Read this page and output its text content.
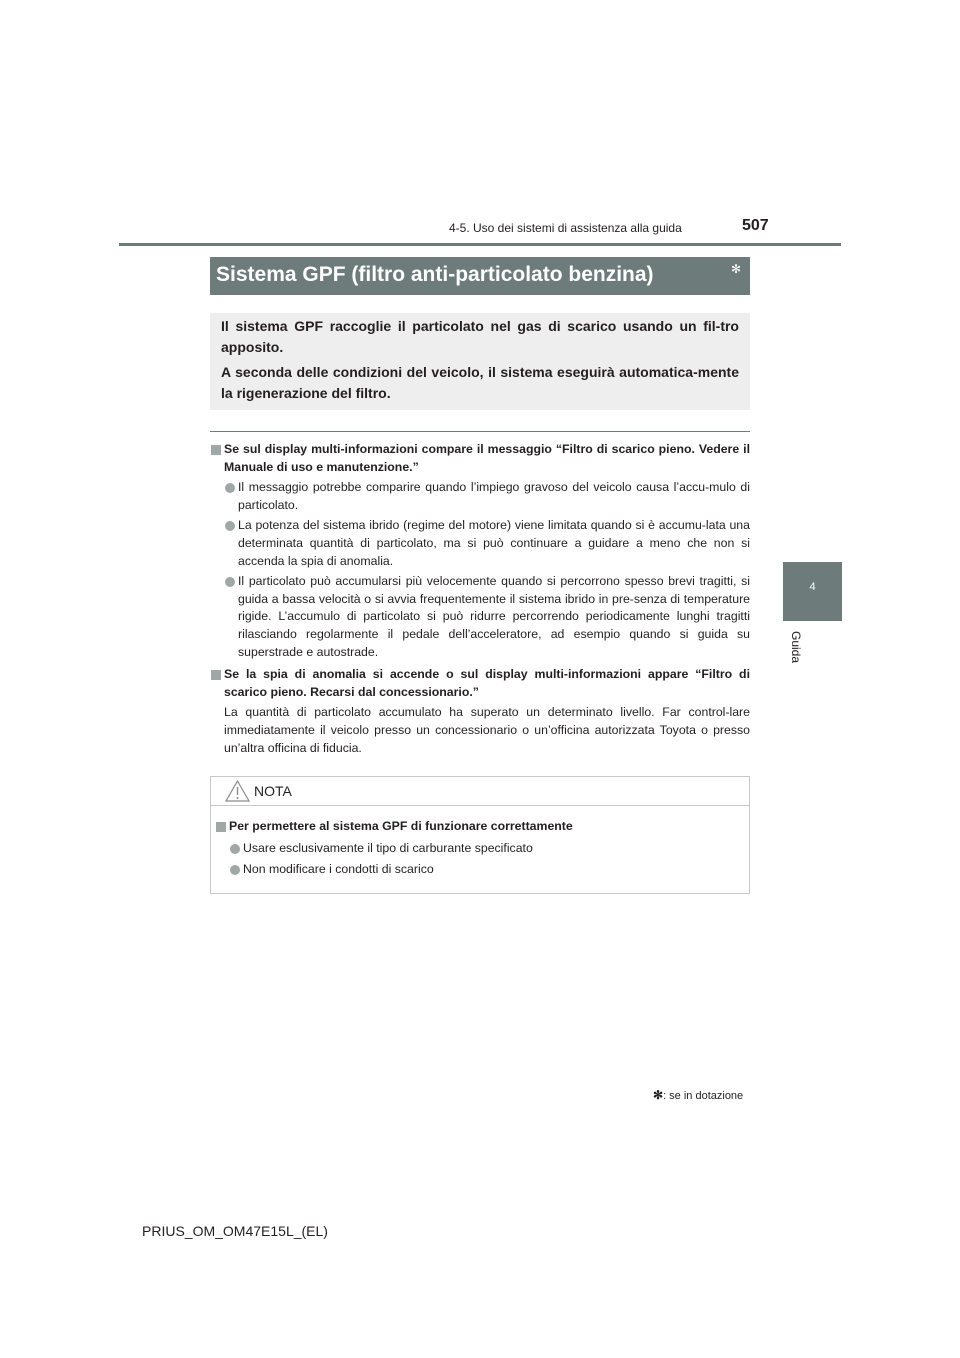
4-5. Uso dei sistemi di assistenza alla guida	507
4
Guida
Sistema GPF (filtro anti-particolato benzina)	✻

Il sistema GPF raccoglie il particolato nel gas di scarico usando un fil-tro apposito.

A seconda delle condizioni del veicolo, il sistema eseguirà automatica-mente la rigenerazione del filtro.

Se sul display multi-informazioni compare il messaggio “Filtro di scarico pieno. Vedere il Manuale di uso e manutenzione.”
Il messaggio potrebbe comparire quando l’impiego gravoso del veicolo causa l’accu-mulo di particolato.
La potenza del sistema ibrido (regime del motore) viene limitata quando si è accumu-lata una determinata quantità di particolato, ma si può continuare a guidare a meno che non si accenda la spia di anomalia.
Il particolato può accumularsi più velocemente quando si percorrono spesso brevi tragitti, si guida a bassa velocità o si avvia frequentemente il sistema ibrido in pre-senza di temperature rigide. L’accumulo di particolato si può ridurre percorrendo periodicamente lunghi tragitti rilasciando regolarmente il pedale dell’acceleratore, ad esempio quando si guida su superstrade e autostrade.
Se la spia di anomalia si accende o sul display multi-informazioni appare “Filtro di scarico pieno. Recarsi dal concessionario.”
La quantità di particolato accumulato ha superato un determinato livello. Far control-lare immediatamente il veicolo presso un concessionario o un’officina autorizzata Toyota o presso un’altra officina di fiducia.
NOTA
Per permettere al sistema GPF di funzionare correttamente
Usare esclusivamente il tipo di carburante specificato
Non modificare i condotti di scarico
✻: se in dotazione
PRIUS_OM_OM47E15L_(EL)
